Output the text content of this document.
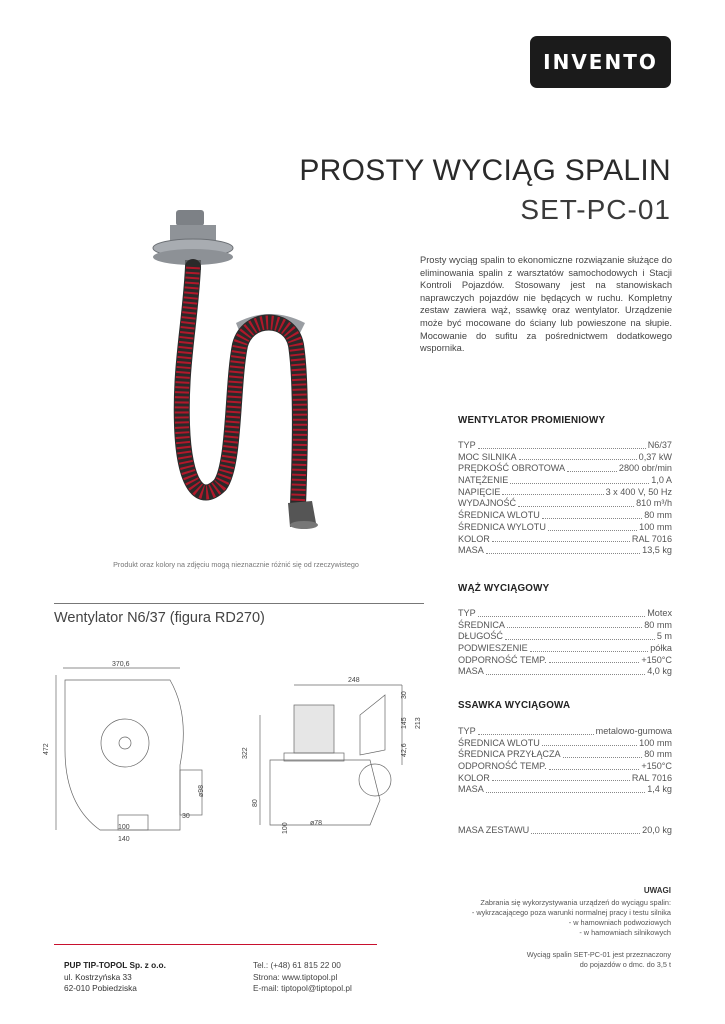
INVENTO
PROSTY WYCIĄG SPALIN
SET-PC-01
Prosty wyciąg spalin to ekonomiczne rozwiązanie służące do eliminowania spalin z warsztatów samochodowych i Stacji Kontroli Pojazdów. Stosowany jest na stanowiskach naprawczych pojazdów nie będących w ruchu. Kompletny zestaw zawiera wąż, ssawkę oraz wentylator. Urządzenie może być mocowane do ściany lub powieszone na słupie. Mocowanie do sufitu za pośrednictwem dodatkowego wspornika.
WENTYLATOR PROMIENIOWY
TYP	N6/37
MOC SILNIKA	0,37 kW
PRĘDKOŚĆ OBROTOWA	2800 obr/min
NATĘŻENIE	1,0 A
NAPIĘCIE	3 x 400 V, 50 Hz
WYDAJNOŚĆ	810 m³/h
ŚREDNICA WLOTU	80 mm
ŚREDNICA WYLOTU	100 mm
KOLOR	RAL 7016
MASA	13,5 kg
WĄŻ WYCIĄGOWY
TYP	Motex
ŚREDNICA	80 mm
DŁUGOŚĆ	5 m
PODWIESZENIE	półka
ODPORNOŚĆ TEMP.	+150°C
MASA	4,0 kg
SSAWKA WYCIĄGOWA
TYP	metalowo-gumowa
ŚREDNICA WLOTU	100 mm
ŚREDNICA PRZYŁĄCZA	80 mm
ODPORNOŚĆ TEMP.	+150°C
KOLOR	RAL 7016
MASA	1,4 kg
MASA ZESTAWU	20,0 kg
Produkt oraz kolory na zdjęciu mogą nieznacznie różnić się od rzeczywistego
Wentylator N6/37 (figura RD270)
370,6
472
ø98
30
100
140
248
322
80
100	ø78
30
145 213
42,6
UWAGI
Zabrania się wykorzystywania urządzeń do wyciągu spalin:
- wykrzacającego poza warunki normalnej pracy i testu silnika
- w hamowniach podwoziowych
- w hamowniach silnikowych
Wyciąg spalin SET-PC-01 jest przeznaczony
do pojazdów o dmc. do 3,5 t
PUP TIP-TOPOL Sp. z o.o.
ul. Kostrzyńska 33
62-010 Pobiedziska
Tel.: (+48) 61 815 22 00
Strona: www.tiptopol.pl
E-mail: tiptopol@tiptopol.pl
